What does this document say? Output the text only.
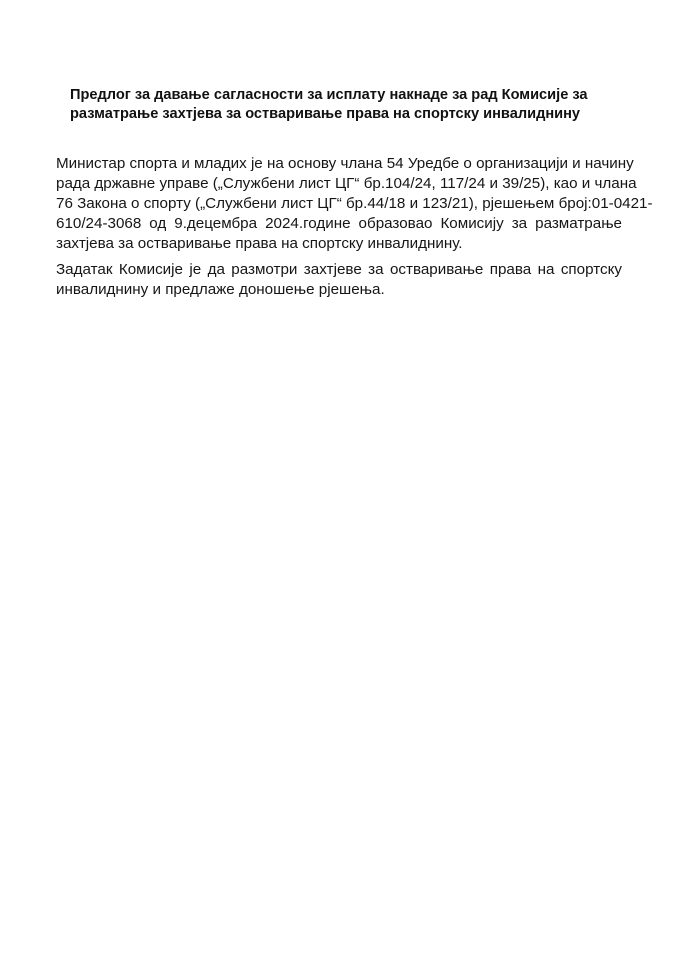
Предлог за давање сагласности за исплату накнаде за рад Комисије за
разматрање захтјева за остваривање права на спортску инвалиднину
Министар спорта и младих је на основу члана 54 Уредбе о организацији и начину
рада државне управе („Службени лист ЦГ“ бр.104/24, 117/24 и 39/25), као и члана
76 Закона о спорту („Службени лист ЦГ“ бр.44/18 и 123/21), рјешењем број:01-0421-
610/24-3068 од 9.децембра 2024.године образовао Комисију за разматрање
захтјева за остваривање права на спортску инвалиднину.
Задатак Комисије је да размотри захтјеве за остваривање права на спортску
инвалиднину и предлаже доношење рјешења.
